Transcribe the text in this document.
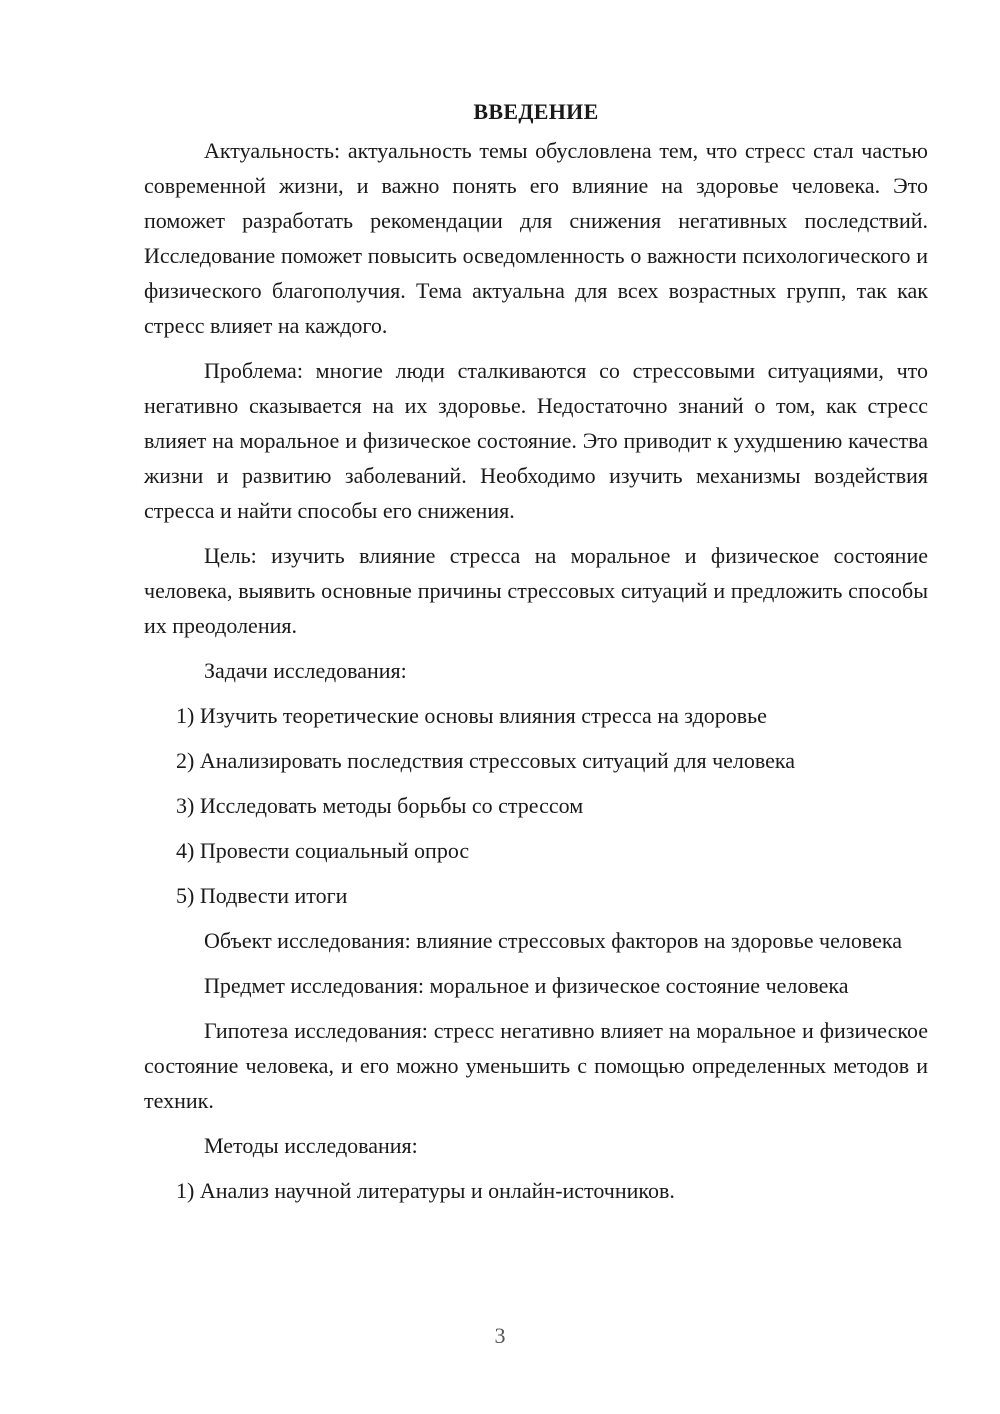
ВВЕДЕНИЕ

Актуальность: актуальность темы обусловлена тем, что стресс стал частью современной жизни, и важно понять его влияние на здоровье человека. Это поможет разработать рекомендации для снижения негативных последствий. Исследование поможет повысить осведомленность о важности психологического и физического благополучия. Тема актуальна для всех возрастных групп, так как стресс влияет на каждого.

Проблема: многие люди сталкиваются со стрессовыми ситуациями, что негативно сказывается на их здоровье. Недостаточно знаний о том, как стресс влияет на моральное и физическое состояние. Это приводит к ухудшению качества жизни и развитию заболеваний. Необходимо изучить механизмы воздействия стресса и найти способы его снижения.

Цель: изучить влияние стресса на моральное и физическое состояние человека, выявить основные причины стрессовых ситуаций и предложить способы их преодоления.

Задачи исследования:

1) Изучить теоретические основы влияния стресса на здоровье
2) Анализировать последствия стрессовых ситуаций для человека
3) Исследовать методы борьбы со стрессом
4) Провести социальный опрос
5) Подвести итоги

Объект исследования: влияние стрессовых факторов на здоровье человека

Предмет исследования: моральное и физическое состояние человека

Гипотеза исследования: стресс негативно влияет на моральное и физическое состояние человека, и его можно уменьшить с помощью определенных методов и техник.

Методы исследования:

1) Анализ научной литературы и онлайн-источников.
3
